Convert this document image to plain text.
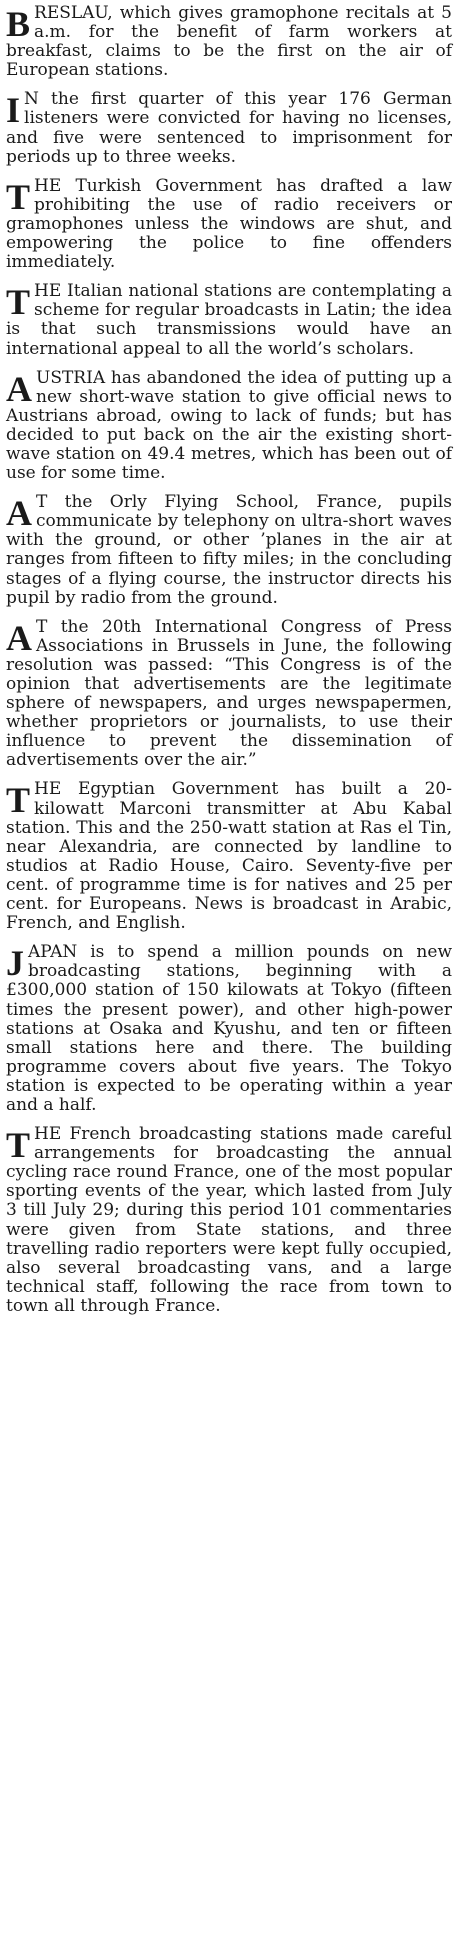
BRESLAU, which gives gramophone recitals at 5 a.m. for the benefit of farm workers at breakfast, claims to be the first on the air of European stations.

I N the first quarter of this year 176 German listeners were convicted for having no licenses, and five were sentenced to imprisonment for periods up to three weeks.

THE Turkish Government has drafted a law prohibiting the use of radio receivers or gramophones unless the windows are shut, and empowering the police to fine offenders immediately.

THE Italian national stations are contemplating a scheme for regular broadcasts in Latin; the idea is that such transmissions would have an international appeal to all the world’s scholars.

AUSTRIA has abandoned the idea of putting up a new short-wave station to give official news to Austrians abroad, owing to lack of funds; but has decided to put back on the air the existing short-wave station on 49.4 metres, which has been out of use for some time.

A T the Orly Flying School, France, pupils communicate by telephony on ultra-short waves with the ground, or other ’planes in the air at ranges from fifteen to fifty miles; in the concluding stages of a flying course, the instructor directs his pupil by radio from the ground.

A T the 20th International Congress of Press Associations in Brussels in June, the following resolution was passed: “This Congress is of the opinion that advertisements are the legitimate sphere of newspapers, and urges newspapermen, whether proprietors or journalists, to use their influence to prevent the dissemination of advertisements over the air.”

THE Egyptian Government has built a 20-kilowatt Marconi transmitter at Abu Kabal station. This and the 250-watt station at Ras el Tin, near Alexandria, are connected by landline to studios at Radio House, Cairo. Seventy-five per cent. of programme time is for natives and 25 per cent. for Europeans. News is broadcast in Arabic, French, and English.

JAPAN is to spend a million pounds on new broadcasting stations, beginning with a £300,000 station of 150 kilowats at Tokyo (fifteen times the present power), and other high-power stations at Osaka and Kyushu, and ten or fifteen small stations here and there. The building programme covers about five years. The Tokyo station is expected to be operating within a year and a half.

THE French broadcasting stations made careful arrangements for broadcasting the annual cycling race round France, one of the most popular sporting events of the year, which lasted from July 3 till July 29; during this period 101 commentaries were given from State stations, and three travelling radio reporters were kept fully occupied, also several broadcasting vans, and a large technical staff, following the race from town to town all through France.
